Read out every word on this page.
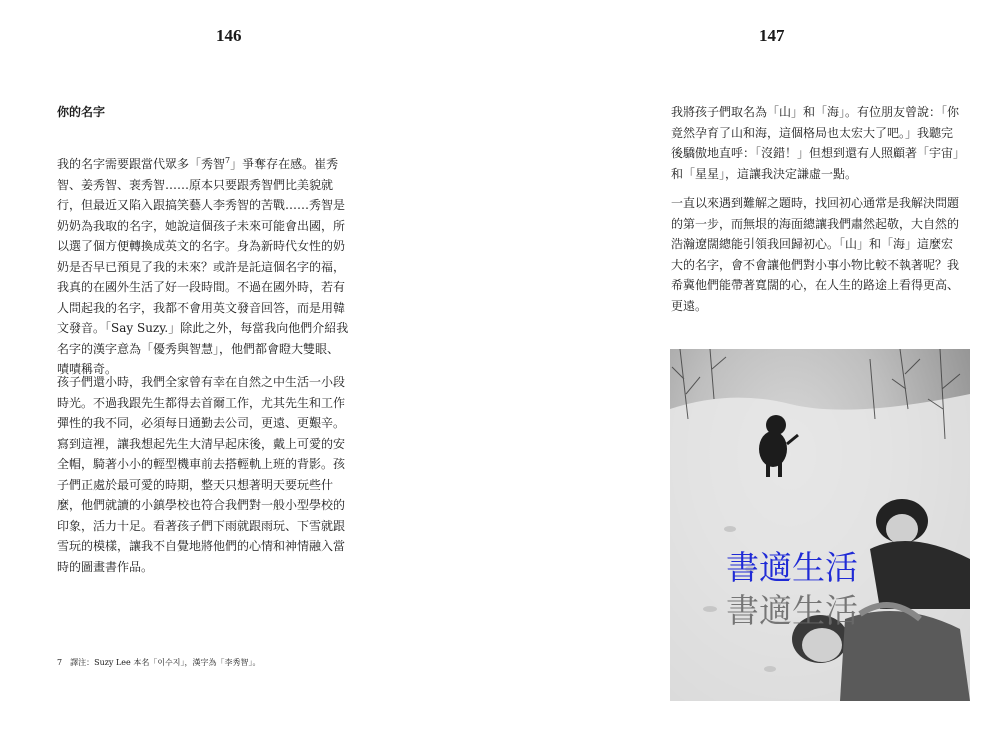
146
你的名字

我的名字需要跟當代眾多「秀智$^7$」爭奪存在感。崔秀
智、姜秀智、裵秀智……原本只要跟秀智們比美貌就
行，但最近又陷入跟搞笑藝人李秀智的苦戰……秀智是
奶奶為我取的名字，她說這個孩子未來可能會出國，所
以選了個方便轉換成英文的名字。身為新時代女性的奶
奶是否早已預見了我的未來？或許是託這個名字的福，
我真的在國外生活了好一段時間。不過在國外時，若有
人問起我的名字，我都不會用英文發音回答，而是用韓
文發音。「Say Suzy.」除此之外，每當我向他們介紹我
名字的漢字意為「優秀與智慧」，他們都會瞪大雙眼、
嘖嘖稱奇。

孩子們還小時，我們全家曾有幸在自然之中生活一小段
時光。不過我跟先生都得去首爾工作，尤其先生和工作
彈性的我不同，必須每日通勤去公司，更遠、更艱辛。
寫到這裡，讓我想起先生大清早起床後，戴上可愛的安
全帽，騎著小小的輕型機車前去搭輕軌上班的背影。孩
子們正處於最可愛的時期，整天只想著明天要玩些什
麼，他們就讀的小鎮學校也符合我們對一般小型學校的
印象，活力十足。看著孩子們下雨就跟雨玩、下雪就跟
雪玩的模樣，讓我不自覺地將他們的心情和神情融入當
時的圖畫書作品。

7　譯注：Suzy Lee 本名「이수지」，漢字為「李秀智」。
147

我將孩子們取名為「山」和「海」。有位朋友曾說：「你
竟然孕育了山和海，這個格局也太宏大了吧。」我聽完
後驕傲地直呼：「沒錯！」但想到還有人照顧著「宇宙」
和「星星」，這讓我決定謙虛一點。

一直以來遇到難解之題時，找回初心通常是我解決問題
的第一步，而無垠的海面總讓我們肅然起敬，大自然的
浩瀚遼闊總能引領我回歸初心。「山」和「海」這麼宏
大的名字，會不會讓他們對小事小物比較不執著呢？我
希冀他們能帶著寬闊的心，在人生的路途上看得更高、
更遠。

書適生活
書適生活
